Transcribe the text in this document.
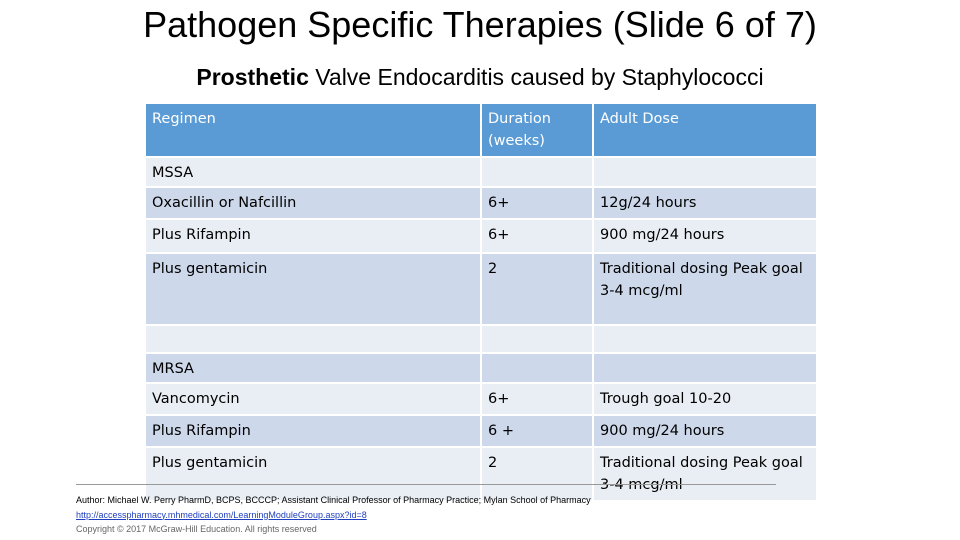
Pathogen Specific Therapies (Slide 6 of 7)
Prosthetic Valve Endocarditis caused by Staphylococci
Regimen	Duration (weeks)	Adult Dose

MSSA		

Oxacillin or Nafcillin	6+	12g/24 hours
Plus Rifampin	6+	900 mg/24 hours
Plus gentamicin	2	Traditional dosing Peak goal 3-4 mcg/ml

MRSA		

Vancomycin	6+	Trough goal 10-20
Plus Rifampin	6 +	900 mg/24 hours
Plus gentamicin	2	Traditional dosing Peak goal 3-4 mcg/ml
Author: Michael W. Perry PharmD, BCPS, BCCCP; Assistant Clinical Professor of Pharmacy Practice; Mylan School of Pharmacy
http://accesspharmacy.mhmedical.com/LearningModuleGroup.aspx?id=8
Copyright © 2017 McGraw-Hill Education. All rights reserved
